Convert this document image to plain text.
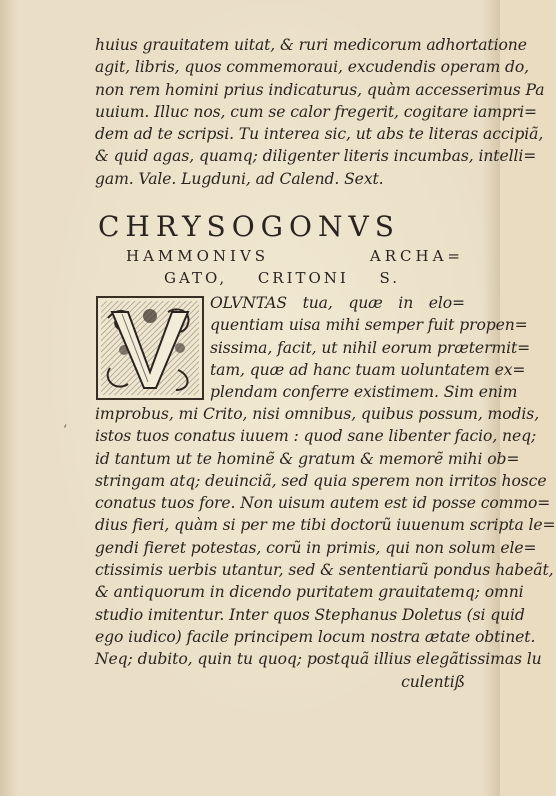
huius grauitatem uitat, & ruri medicorum adhortatione
agit, libris, quos commemoraui, excudendis operam do,
non rem homini prius indicaturus, quàm accesserimus Pa
uuium. Illuc nos, cum se calor fregerit, cogitare iampri=
dem ad te scripsi. Tu interea sic, ut abs te literas accipiã,
& quid agas, quamq; diligenter literis incumbas, intelli=
gam. Vale. Lugduni, ad Calend. Sext.
CHRYSOGONVS
HAMMONIVS ARCHA=
GATO, CRITONI S.
OLVNTAS tua, quæ in elo=
quentiam uisa mihi semper fuit propen=
sissima, facit, ut nihil eorum prætermit=
tam, quæ ad hanc tuam uoluntatem ex=
plendam conferre existimem. Sim enim
improbus, mi Crito, nisi omnibus, quibus possum, modis,
istos tuos conatus iuuem : quod sane libenter facio, neq;
id tantum ut te hominẽ & gratum & memorẽ mihi ob=
stringam atq; deuinciã, sed quia sperem non irritos hosce
conatus tuos fore. Non uisum autem est id posse commo=
dius fieri, quàm si per me tibi doctorũ iuuenum scripta le=
gendi fieret potestas, corũ in primis, qui non solum ele=
ctissimis uerbis utantur, sed & sententiarũ pondus habeãt,
& antiquorum in dicendo puritatem grauitatemq; omni
studio imitentur. Inter quos Stephanus Doletus (si quid
ego iudico) facile principem locum nostra ætate obtinet.
Neq; dubito, quin tu quoq; postquã illius elegãtissimas lu
culentiß
‘
